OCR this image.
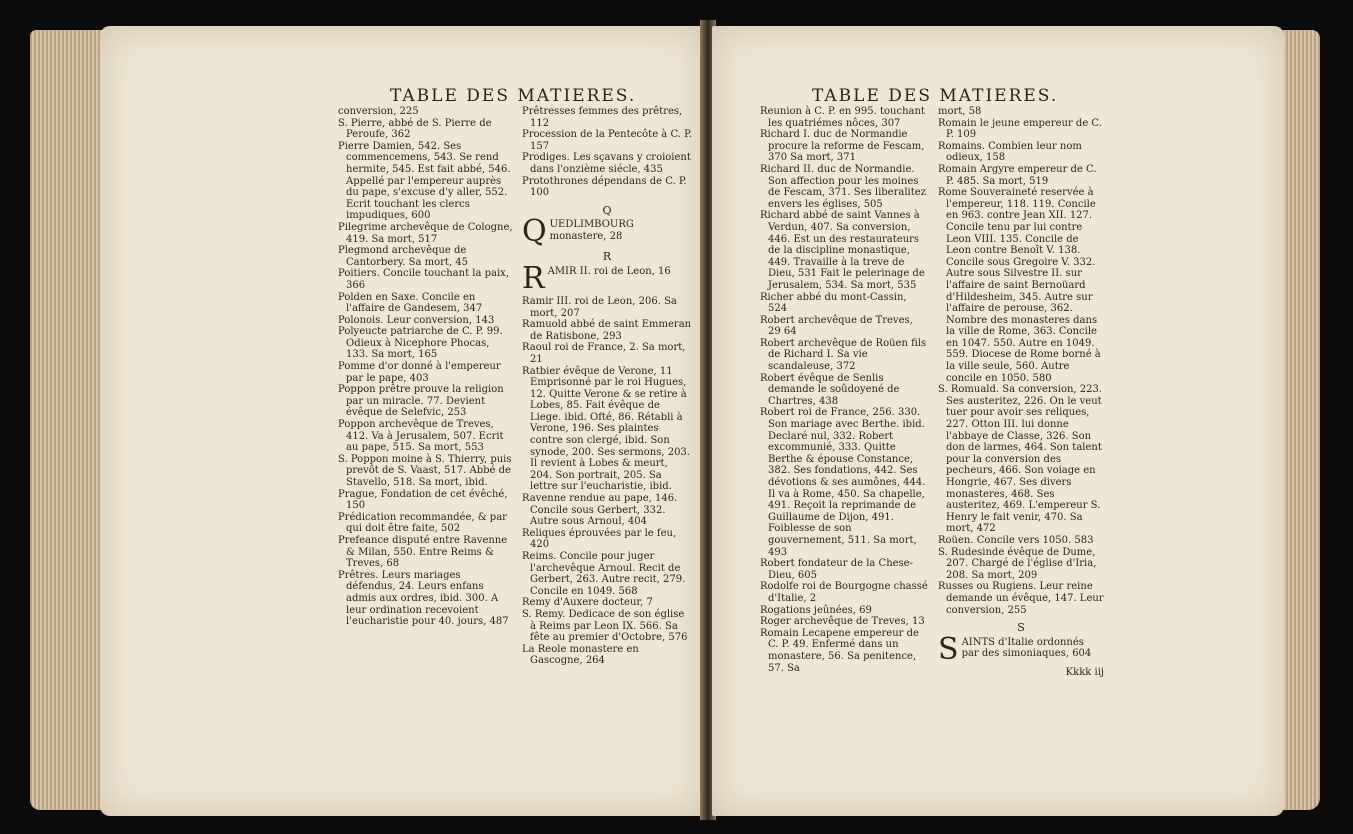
TABLE DES MATIERES.

conversion, 225

S. Pierre, abbé de S. Pierre de Peroufe, 362

Pierre Damien, 542. Ses commencemens, 543. Se rend hermite, 545. Est fait abbé, 546. Appellé par l'empereur auprès du pape, s'excuse d'y aller, 552. Ecrit touchant les clercs impudiques, 600

Pilegrime archevêque de Cologne, 419. Sa mort, 517

Plegmond archevêque de Cantorbery. Sa mort, 45

Poitiers. Concile touchant la paix, 366

Polden en Saxe. Concile en l'affaire de Gandesem, 347

Polonois. Leur conversion, 143

Polyeucte patriarche de C. P. 99. Odieux à Nicephore Phocas, 133. Sa mort, 165

Pomme d'or donné à l'empereur par le pape, 403

Poppon prêtre prouve la religion par un miracle. 77. Devient évêque de Selefvic, 253

Poppon archevêque de Treves, 412. Va à Jerusalem, 507. Ecrit au pape, 515. Sa mort, 553

S. Poppon moine à S. Thierry, puis prevôt de S. Vaast, 517. Abbé de Stavello, 518. Sa mort, ibid.

Prague, Fondation de cet évêché, 150

Prédication recommandée, & par qui doit être faite, 502

Prefeance disputé entre Ravenne & Milan, 550. Entre Reims & Treves, 68

Prêtres. Leurs mariages défendus, 24. Leurs enfans admis aux ordres, ibid. 300. A leur ordination recevoient l'eucharistie pour 40. jours, 487

Prêtresses femmes des prêtres, 112

Procession de la Pentecôte à C. P. 157

Prodiges. Les sçavans y croioient dans l'onzième siécle, 435

Protothrones dépendans de C. P. 100

Q
QUEDLIMBOURG monastere, 28
R
RAMIR II. roi de Leon, 16

Ramir III. roi de Leon, 206. Sa mort, 207

Ramuold abbé de saint Emmeran de Ratisbone, 293

Raoul roi de France, 2. Sa mort, 21

Ratbier évêque de Verone, 11 Emprisonné par le roi Hugues, 12. Quitte Verone & se retire à Lobes, 85. Fait évêque de Liege. ibid. Ofté, 86. Rétabli à Verone, 196. Ses plaintes contre son clergé, ibid. Son synode, 200. Ses sermons, 203. Il revient à Lobes & meurt, 204. Son portrait, 205. Sa lettre sur l'eucharistie, ibid.

Ravenne rendue au pape, 146. Concile sous Gerbert, 332. Autre sous Arnoul, 404

Reliques éprouvées par le feu, 420

Reims. Concile pour juger l'archevêque Arnoul. Recit de Gerbert, 263. Autre recit, 279. Concile en 1049. 568

Remy d'Auxere docteur, 7

S. Remy. Dedicace de son église à Reims par Leon IX. 566. Sa fête au premier d'Octobre, 576

La Reole monastere en Gascogne, 264

TABLE DES MATIERES.

Reunion à C. P. en 995. touchant les quatriémes nôces, 307

Richard I. duc de Normandie procure la reforme de Fescam, 370 Sa mort, 371

Richard II. duc de Normandie. Son affection pour les moines de Fescam, 371. Ses liberalitez envers les églises, 505

Richard abbé de saint Vannes à Verdun, 407. Sa conversion, 446. Est un des restaurateurs de la discipline monastique, 449. Travaille à la treve de Dieu, 531 Fait le pelerinage de Jerusalem, 534. Sa mort, 535

Richer abbé du mont-Cassin, 524

Robert archevêque de Treves, 29 64

Robert archevêque de Roüen fils de Richard I. Sa vie scandaleuse, 372

Robert évêque de Senlis demande le soûdoyené de Chartres, 438

Robert roi de France, 256. 330. Son mariage avec Berthe. ibid. Declaré nul, 332. Robert excommunié, 333. Quitte Berthe & épouse Constance, 382. Ses fondations, 442. Ses dévotions & ses aumônes, 444. Il va à Rome, 450. Sa chapelle, 491. Reçoit la reprimande de Guillaume de Dijon, 491. Foiblesse de son gouvernement, 511. Sa mort, 493

Robert fondateur de la Chese-Dieu, 605

Rodolfe roi de Bourgogne chassé d'Italie, 2

Rogations jeûnées, 69

Roger archevêque de Treves, 13

Romain Lecapene empereur de C. P. 49. Enfermé dans un monastere, 56. Sa penitence, 57. Sa

mort, 58

Romain le jeune empereur de C. P. 109

Romains. Combien leur nom odieux, 158

Romain Argyre empereur de C. P. 485. Sa mort, 519

Rome Souveraineté reservée à l'empereur, 118. 119. Concile en 963. contre Jean XII. 127. Concile tenu par lui contre Leon VIII. 135. Concile de Leon contre Benoît V. 138. Concile sous Gregoire V. 332. Autre sous Silvestre II. sur l'affaire de saint Bernoüard d'Hildesheim, 345. Autre sur l'affaire de perouse, 362. Nombre des monasteres dans la ville de Rome, 363. Concile en 1047. 550. Autre en 1049. 559. Diocese de Rome borné à la ville seule, 560. Autre concile en 1050. 580

S. Romuald. Sa conversion, 223. Ses austeritez, 226. On le veut tuer pour avoir ses reliques, 227. Otton III. lui donne l'abbaye de Classe, 326. Son don de larmes, 464. Son talent pour la conversion des pecheurs, 466. Son voiage en Hongrie, 467. Ses divers monasteres, 468. Ses austeritez, 469. L'empereur S. Henry le fait venir, 470. Sa mort, 472

Roüen. Concile vers 1050. 583

S. Rudesinde évêque de Dume, 207. Chargé de l'église d'Iria, 208. Sa mort, 209

Russes ou Rugiens. Leur reine demande un évêque, 147. Leur conversion, 255

S
SAINTS d'Italie ordonnés par des simoniaques, 604
Kkkk iij
